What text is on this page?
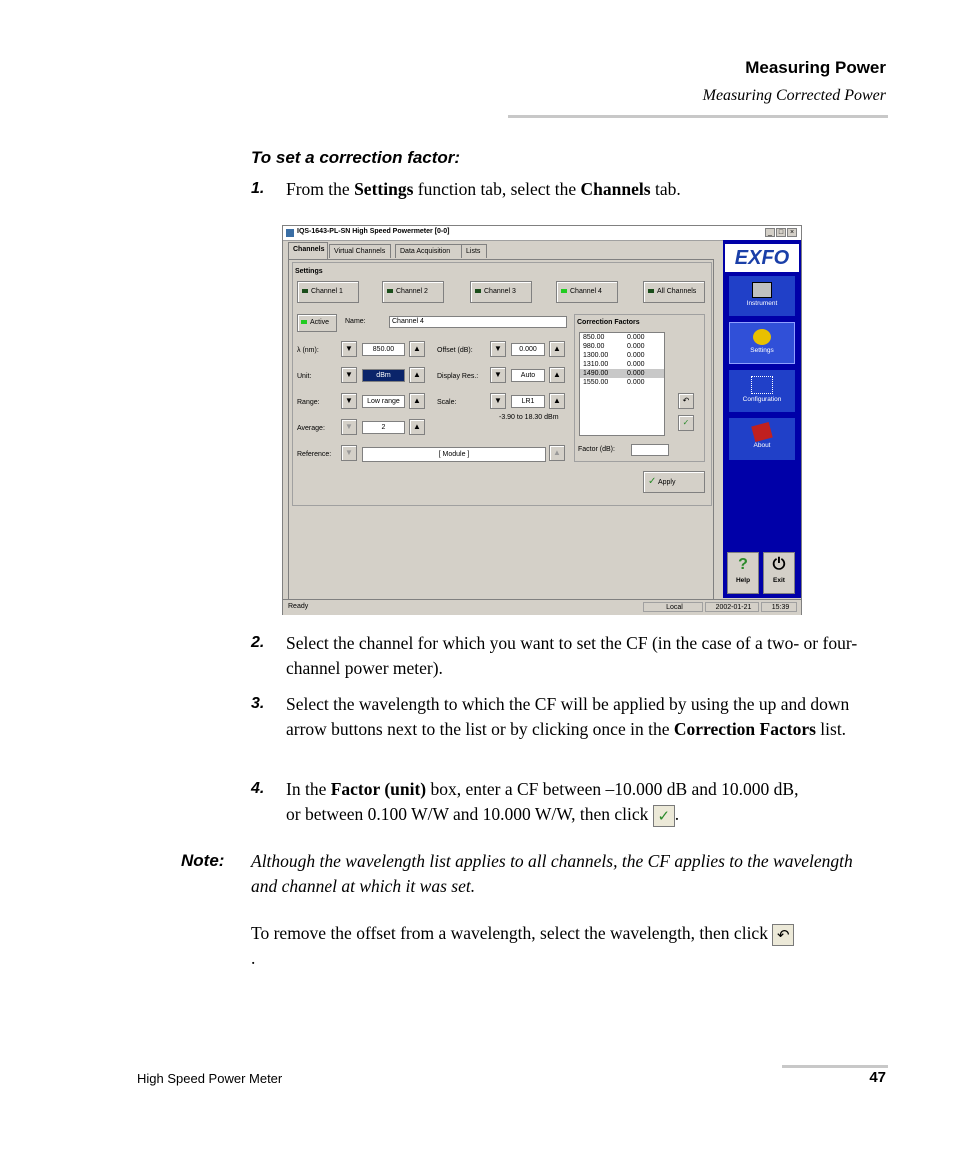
Measuring Power
Measuring Corrected Power
To set a correction factor:
1. From the Settings function tab, select the Channels tab.
IQS-1643-PL-SN High Speed Powermeter [0-0]	_ □ ×
Channels	Virtual Channels	Data Acquisition	Lists
Settings
Channel 1	Channel 2	Channel 3	Channel 4	All Channels
Active	Name:	Channel 4
λ (nm):	▼	850.00	▲
Unit:	▼	dBm	▲
Range:	▼	Low range	▲
Average:	▼	2	▲
Reference:	▼	[ Module ]	▲
Offset (dB):	▼	0.000	▲
Display Res.:	▼	Auto	▲
Scale:	▼	LR1	▲
-3.90 to 18.30 dBm
Correction Factors
850.00	0.000
980.00	0.000
1300.00	0.000
1310.00	0.000
1490.00	0.000
1550.00	0.000
↶
✓
Factor (dB):
✓ Apply
EXFO
Instrument
Settings
Configuration
About
?
Help
⏻
Exit
Ready	Local	2002-01-21	15:39
2. Select the channel for which you want to set the CF (in the case of a two- or four-channel power meter).
3. Select the wavelength to which the CF will be applied by using the up and down arrow buttons next to the list or by clicking once in the Correction Factors list.
4. In the Factor (unit) box, enter a CF between –10.000 dB and 10.000 dB, or between 0.100 W/W and 10.000 W/W, then click ✓ .
Note: Although the wavelength list applies to all channels, the CF applies to the wavelength and channel at which it was set.
To remove the offset from a wavelength, select the wavelength, then click ↶.
High Speed Power Meter	47
